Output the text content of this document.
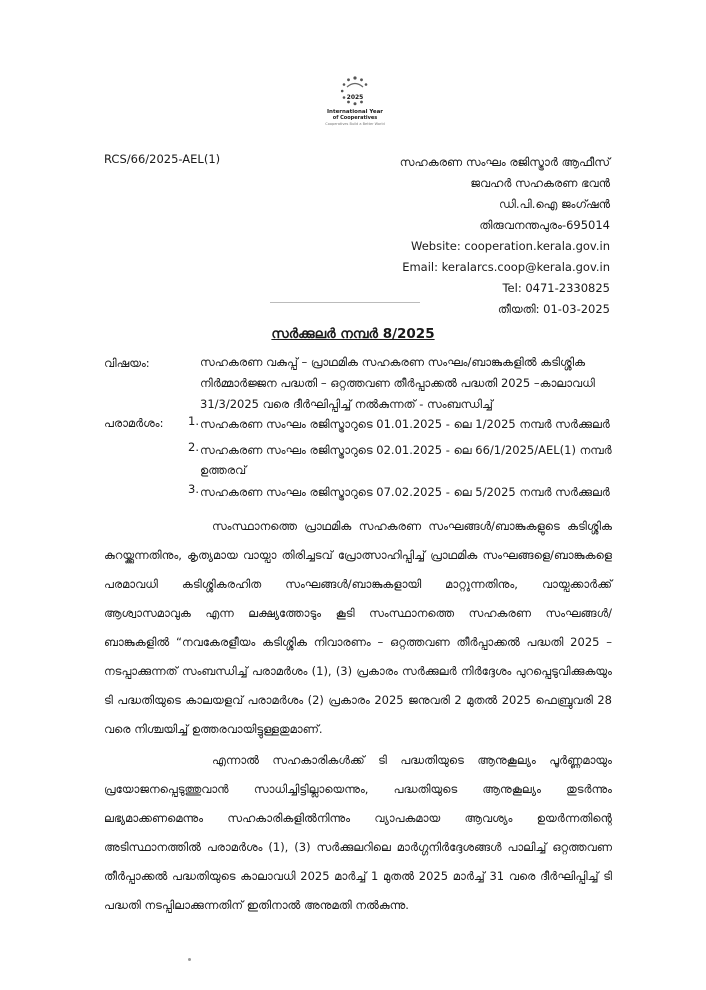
2025
International Year
of Cooperatives
Cooperatives Build a Better World
RCS/66/2025-AEL(1)	സഹകരണ സംഘം രജിസ്ട്രാർ ആഫീസ്
ജവഹർ സഹകരണ ഭവൻ
ഡി.പി.ഐ ജംഗ്ഷൻ
തിരുവനന്തപുരം-695014
Website: cooperation.kerala.gov.in
Email: keralarcs.coop@kerala.gov.in
Tel: 0471-2330825
തീയതി: 01-03-2025
സർക്കുലർ നമ്പർ 8/2025
വിഷയം:	സഹകരണ വകുപ്പ് – പ്രാഥമിക സഹകരണ സംഘം/ബാങ്കുകളിൽ കടിശ്ശിക നിർമ്മാർജ്ജന പദ്ധതി – ഒറ്റത്തവണ തീർപ്പാക്കൽ പദ്ധതി 2025 –കാലാവധി 31/3/2025 വരെ ദീർഘിപ്പിച്ച് നൽകുന്നത് - സംബന്ധിച്ച്
പരാമർശം: 1. സഹകരണ സംഘം രജിസ്ട്രാറുടെ 01.01.2025 - ലെ 1/2025 നമ്പർ സർക്കുലർ
2. സഹകരണ സംഘം രജിസ്ട്രാറുടെ 02.01.2025 - ലെ 66/1/2025/AEL(1) നമ്പർ ഉത്തരവ്
3. സഹകരണ സംഘം രജിസ്ട്രാറുടെ 07.02.2025 - ലെ 5/2025 നമ്പർ സർക്കുലർ

സംസ്ഥാനത്തെ പ്രാഥമിക സഹകരണ സംഘങ്ങൾ/ബാങ്കുകളുടെ കടിശ്ശിക കുറയ്ക്കുന്നതിനും, കൃത്യമായ വായ്പാ തിരിച്ചടവ് പ്രോത്സാഹിപ്പിച്ച് പ്രാഥമിക സംഘങ്ങളെ/ബാങ്കുകളെ പരമാവധി കടിശ്ശികരഹിത സംഘങ്ങൾ/ബാങ്കുകളായി മാറ്റുന്നതിനും, വായ്പക്കാർക്ക് ആശ്വാസമാവുക എന്ന ലക്ഷ്യത്തോടും കൂടി സംസ്ഥാനത്തെ സഹകരണ സംഘങ്ങൾ/ ബാങ്കുകളിൽ “നവകേരളീയം കടിശ്ശിക നിവാരണം – ഒറ്റത്തവണ തീർപ്പാക്കൽ പദ്ധതി 2025 – നടപ്പാക്കുന്നത് സംബന്ധിച്ച് പരാമർശം (1), (3) പ്രകാരം സർക്കുലർ നിർദ്ദേശം പുറപ്പെടുവിക്കുകയും ടി പദ്ധതിയുടെ കാലയളവ് പരാമർശം (2) പ്രകാരം 2025 ജനുവരി 2 മുതൽ 2025 ഫെബ്രുവരി 28 വരെ നിശ്ചയിച്ച് ഉത്തരവായിട്ടുള്ളതുമാണ്.

എന്നാൽ സഹകാരികൾക്ക് ടി പദ്ധതിയുടെ ആനുകൂല്യം പൂർണ്ണമായും പ്രയോജനപ്പെടുത്തുവാൻ സാധിച്ചിട്ടില്ലായെന്നും, പദ്ധതിയുടെ ആനുകൂല്യം തുടർന്നും ലഭ്യമാക്കണമെന്നും സഹകാരികളിൽനിന്നും വ്യാപകമായ ആവശ്യം ഉയർന്നതിന്റെ അടിസ്ഥാനത്തിൽ പരാമർശം (1), (3) സർക്കുലറിലെ മാർഗ്ഗനിർദ്ദേശങ്ങൾ പാലിച്ച് ഒറ്റത്തവണ തീർപ്പാക്കൽ പദ്ധതിയുടെ കാലാവധി 2025 മാർച്ച് 1 മുതൽ 2025 മാർച്ച് 31 വരെ ദീർഘിപ്പിച്ച് ടി പദ്ധതി നടപ്പിലാക്കുന്നതിന് ഇതിനാൽ അനുമതി നൽകുന്നു.
